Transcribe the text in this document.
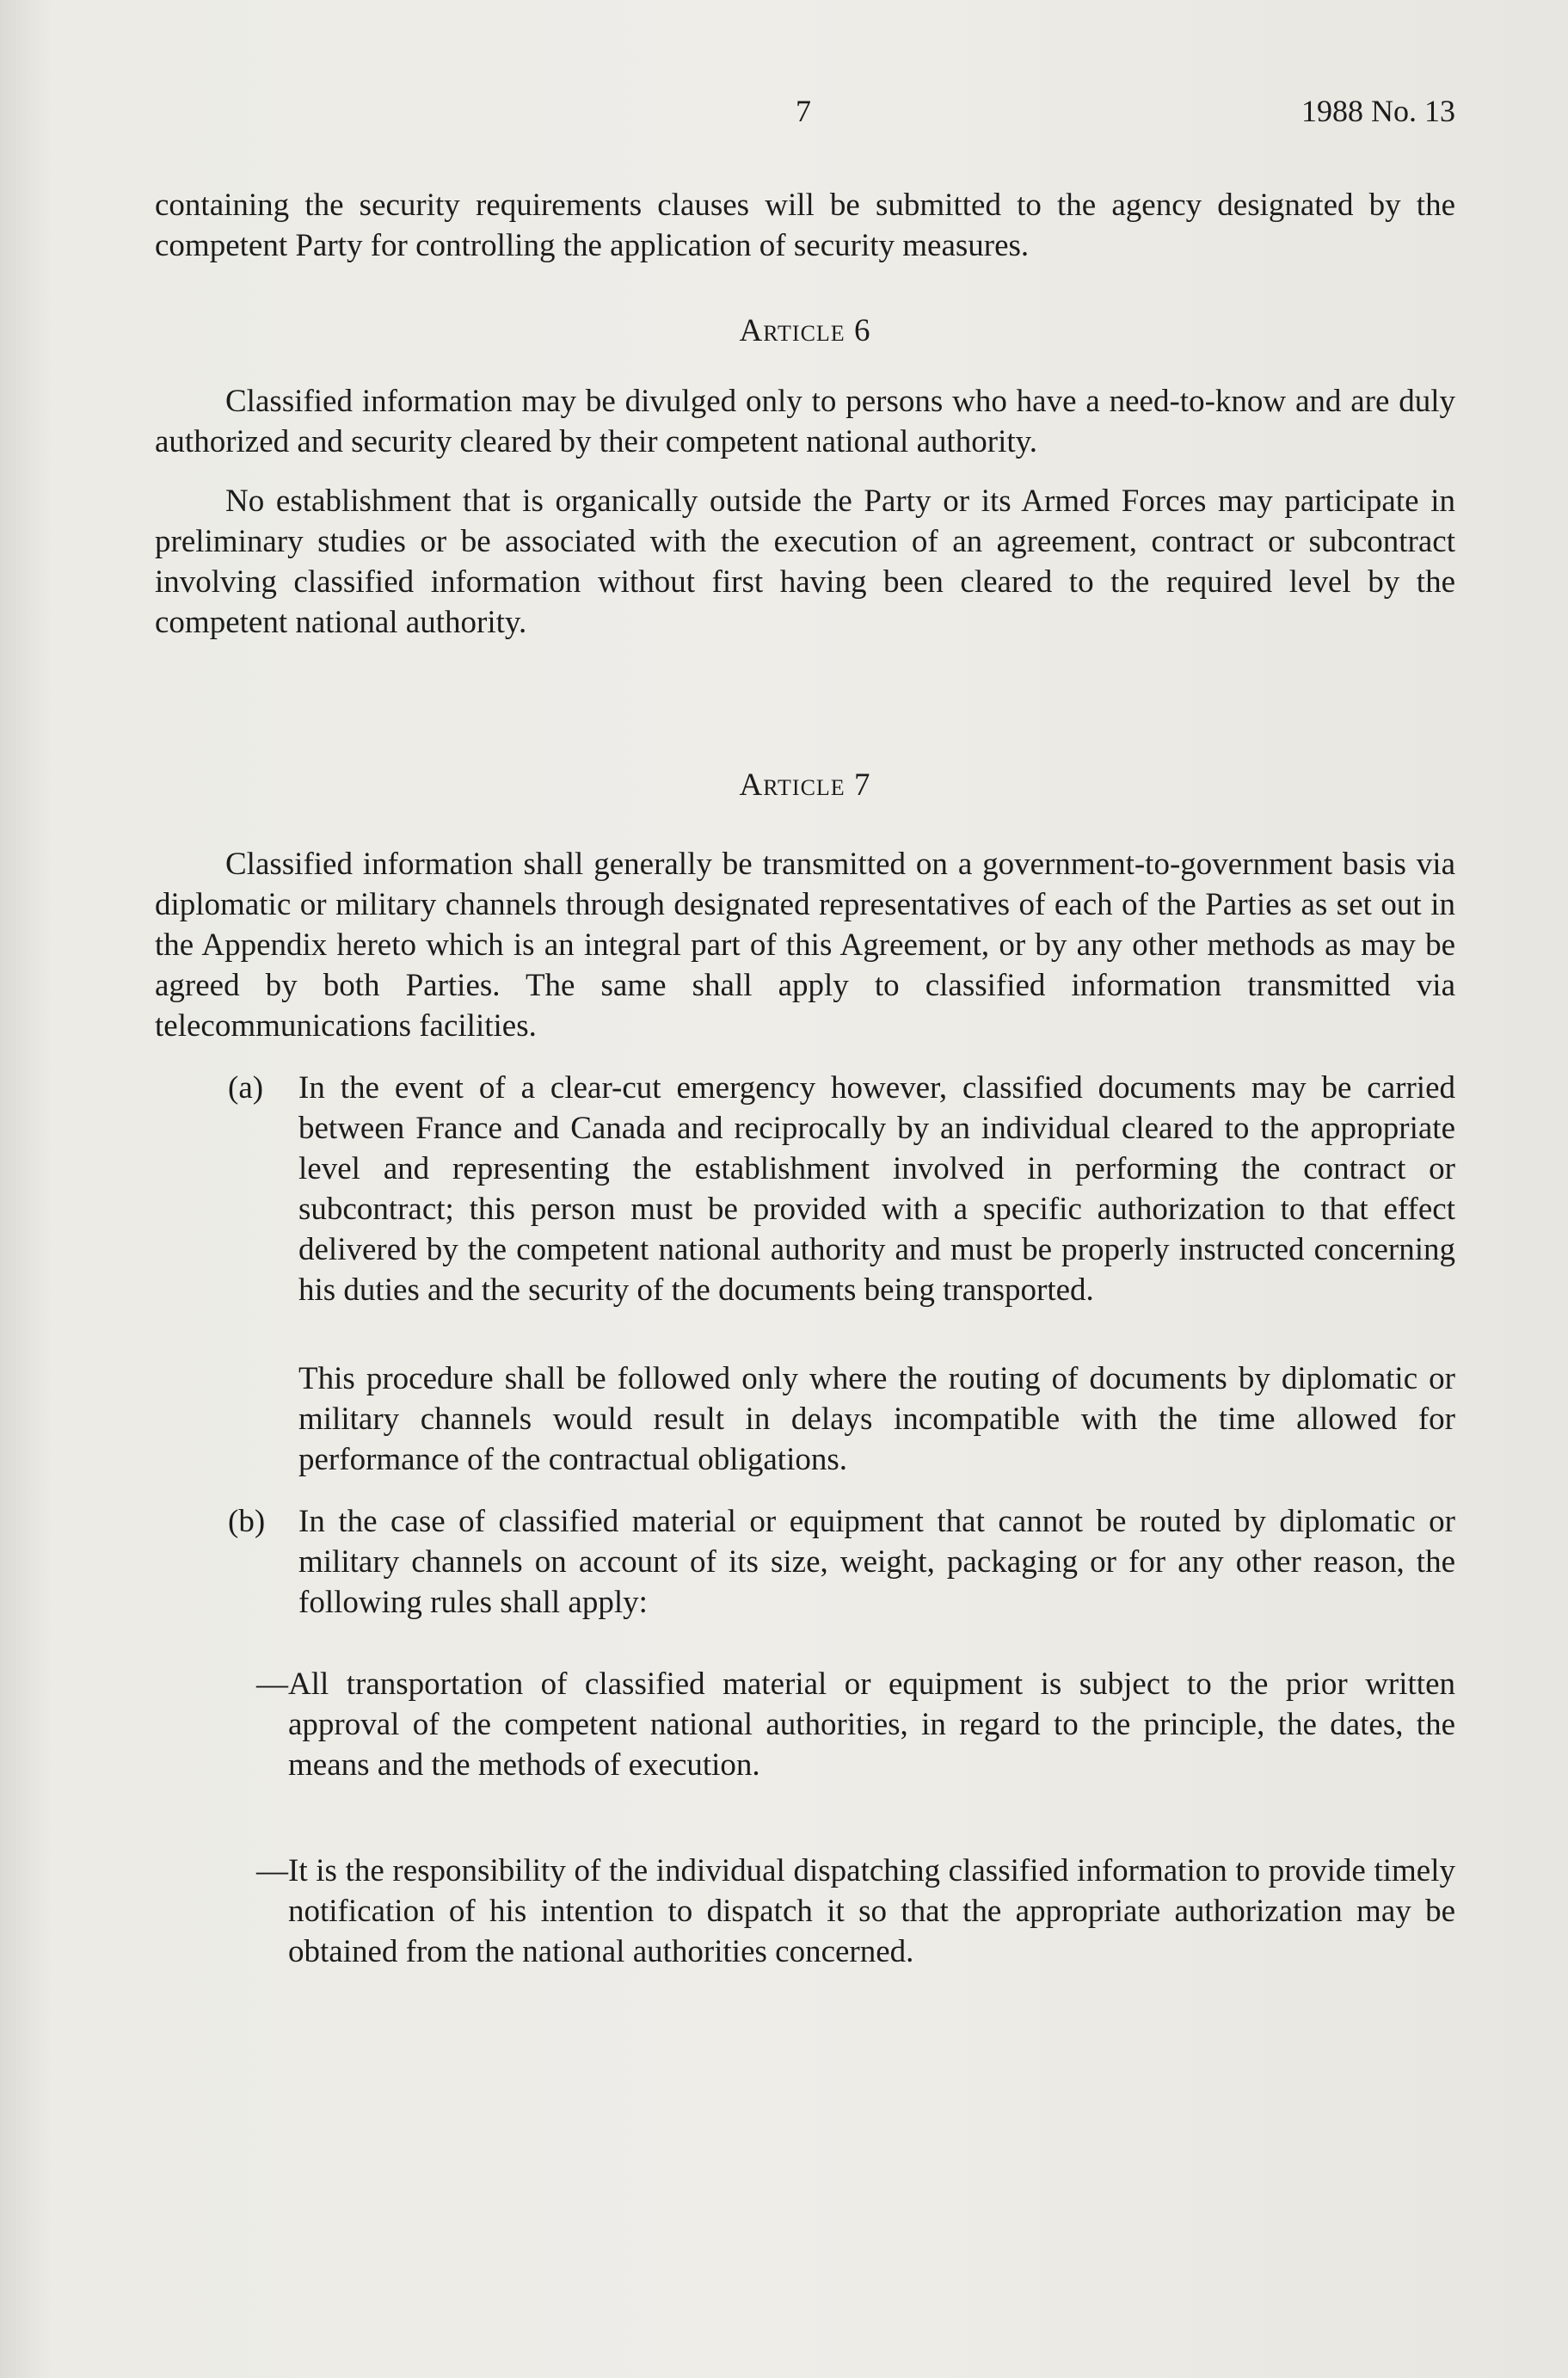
7	1988 No. 13

containing the security requirements clauses will be submitted to the agency designated by the competent Party for controlling the application of security measures.

Article 6

Classified information may be divulged only to persons who have a need-to-know and are duly authorized and security cleared by their competent national authority.

No establishment that is organically outside the Party or its Armed Forces may participate in preliminary studies or be associated with the execution of an agreement, contract or subcontract involving classified information without first having been cleared to the required level by the competent national authority.

Article 7

Classified information shall generally be transmitted on a government-to-government basis via diplomatic or military channels through designated representatives of each of the Parties as set out in the Appendix hereto which is an integral part of this Agreement, or by any other methods as may be agreed by both Parties. The same shall apply to classified information transmitted via telecommunications facilities.

(a) In the event of a clear-cut emergency however, classified documents may be carried between France and Canada and reciprocally by an individual cleared to the appropriate level and representing the establishment involved in performing the contract or subcontract; this person must be provided with a specific authorization to that effect delivered by the competent national authority and must be properly instructed concerning his duties and the security of the documents being transported.

This procedure shall be followed only where the routing of documents by diplomatic or military channels would result in delays incompatible with the time allowed for performance of the contractual obligations.

(b) In the case of classified material or equipment that cannot be routed by diplomatic or military channels on account of its size, weight, packaging or for any other reason, the following rules shall apply:

—All transportation of classified material or equipment is subject to the prior written approval of the competent national authorities, in regard to the principle, the dates, the means and the methods of execution.

—It is the responsibility of the individual dispatching classified information to provide timely notification of his intention to dispatch it so that the appropriate authorization may be obtained from the national authorities concerned.
